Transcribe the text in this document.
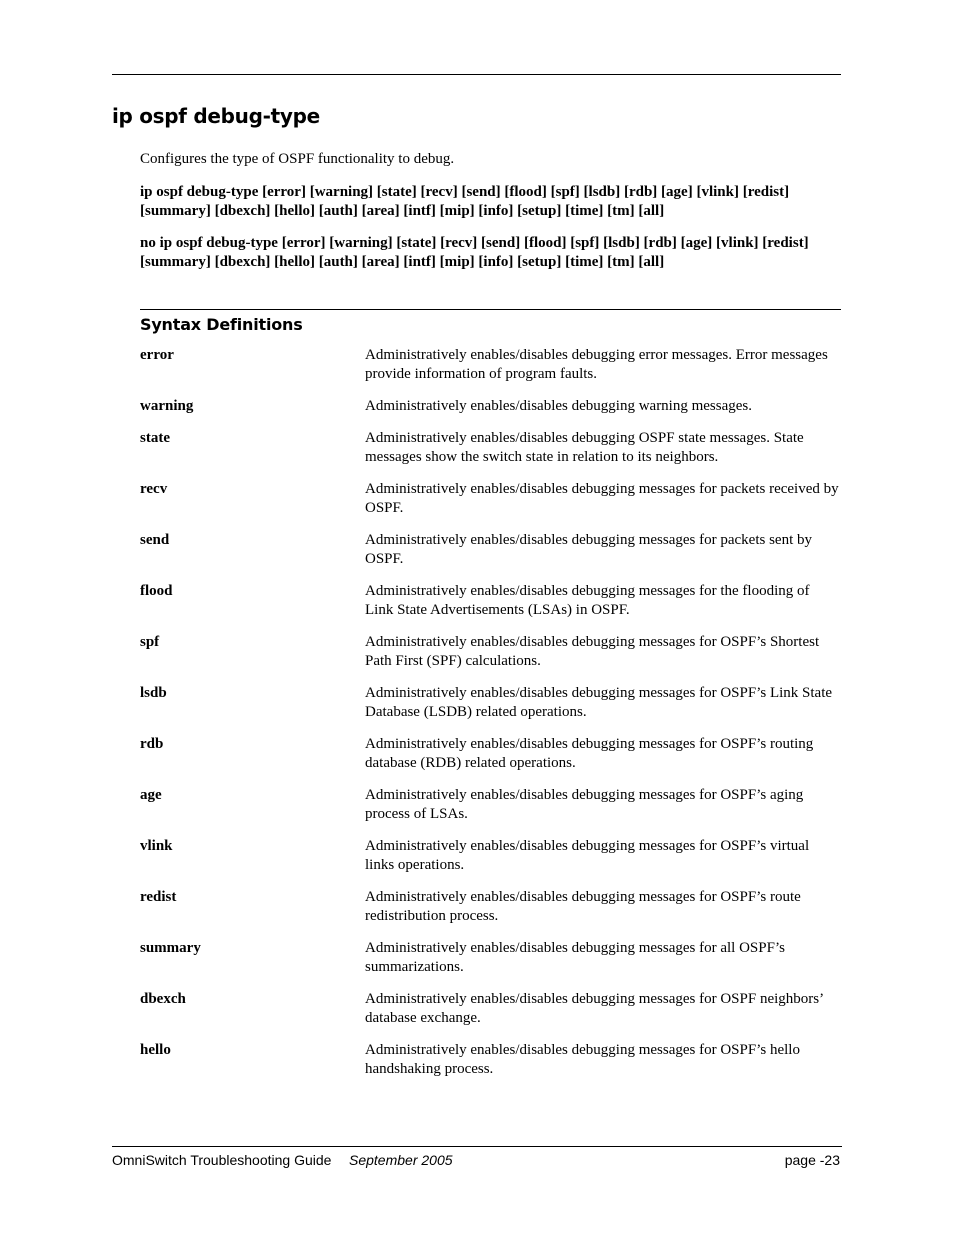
ip ospf debug-type

Configures the type of OSPF functionality to debug.

ip ospf debug-type [error] [warning] [state] [recv] [send] [flood] [spf] [lsdb] [rdb] [age] [vlink] [redist] [summary] [dbexch] [hello] [auth] [area] [intf] [mip] [info] [setup] [time] [tm] [all]

no ip ospf debug-type [error] [warning] [state] [recv] [send] [flood] [spf] [lsdb] [rdb] [age] [vlink] [redist] [summary] [dbexch] [hello] [auth] [area] [intf] [mip] [info] [setup] [time] [tm] [all]

Syntax Definitions
error	Administratively enables/disables debugging error messages. Error messages provide information of program faults.
warning	Administratively enables/disables debugging warning messages.
state	Administratively enables/disables debugging OSPF state messages. State messages show the switch state in relation to its neighbors.
recv	Administratively enables/disables debugging messages for packets received by OSPF.
send	Administratively enables/disables debugging messages for packets sent by OSPF.
flood	Administratively enables/disables debugging messages for the flooding of Link State Advertisements (LSAs) in OSPF.
spf	Administratively enables/disables debugging messages for OSPF’s Shortest Path First (SPF) calculations.
lsdb	Administratively enables/disables debugging messages for OSPF’s Link State Database (LSDB) related operations.
rdb	Administratively enables/disables debugging messages for OSPF’s routing database (RDB) related operations.
age	Administratively enables/disables debugging messages for OSPF’s aging process of LSAs.
vlink	Administratively enables/disables debugging messages for OSPF’s virtual links operations.
redist	Administratively enables/disables debugging messages for OSPF’s route redistribution process.
summary	Administratively enables/disables debugging messages for all OSPF’s summarizations.
dbexch	Administratively enables/disables debugging messages for OSPF neighbors’ database exchange.
hello	Administratively enables/disables debugging messages for OSPF’s hello handshaking process.
OmniSwitch Troubleshooting Guide September 2005	page -23
